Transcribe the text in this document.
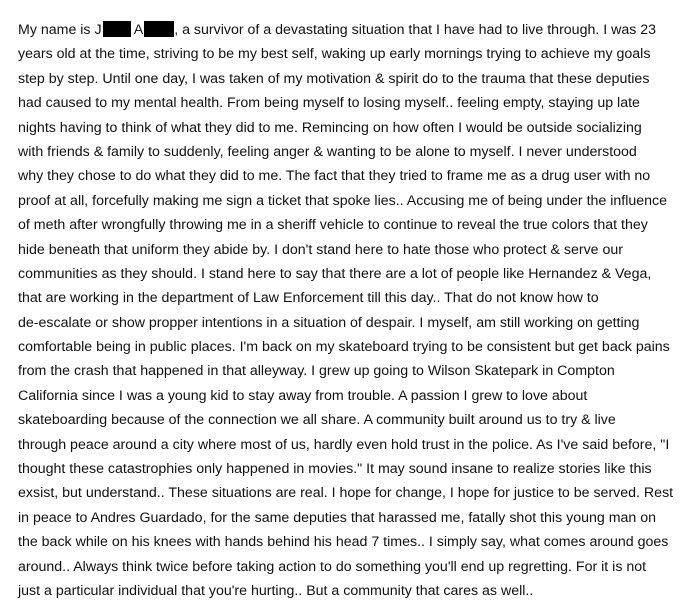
My name is J A , a survivor of a devastating situation that I have had to live through. I was 23
years old at the time, striving to be my best self, waking up early mornings trying to achieve my goals
step by step. Until one day, I was taken of my motivation & spirit do to the trauma that these deputies
had caused to my mental health. From being myself to losing myself.. feeling empty, staying up late
nights having to think of what they did to me. Remincing on how often I would be outside socializing
with friends & family to suddenly, feeling anger & wanting to be alone to myself. I never understood
why they chose to do what they did to me. The fact that they tried to frame me as a drug user with no
proof at all, forcefully making me sign a ticket that spoke lies.. Accusing me of being under the influence
of meth after wrongfully throwing me in a sheriff vehicle to continue to reveal the true colors that they
hide beneath that uniform they abide by. I don't stand here to hate those who protect & serve our
communities as they should. I stand here to say that there are a lot of people like Hernandez & Vega,
that are working in the department of Law Enforcement till this day.. That do not know how to
de-escalate or show propper intentions in a situation of despair. I myself, am still working on getting
comfortable being in public places. I'm back on my skateboard trying to be consistent but get back pains
from the crash that happened in that alleyway. I grew up going to Wilson Skatepark in Compton
California since I was a young kid to stay away from trouble. A passion I grew to love about
skateboarding because of the connection we all share. A community built around us to try & live
through peace around a city where most of us, hardly even hold trust in the police. As I've said before, "I
thought these catastrophies only happened in movies." It may sound insane to realize stories like this
exsist, but understand.. These situations are real. I hope for change, I hope for justice to be served. Rest
in peace to Andres Guardado, for the same deputies that harassed me, fatally shot this young man on
the back while on his knees with hands behind his head 7 times.. I simply say, what comes around goes
around.. Always think twice before taking action to do something you'll end up regretting. For it is not
just a particular individual that you're hurting.. But a community that cares as well..
